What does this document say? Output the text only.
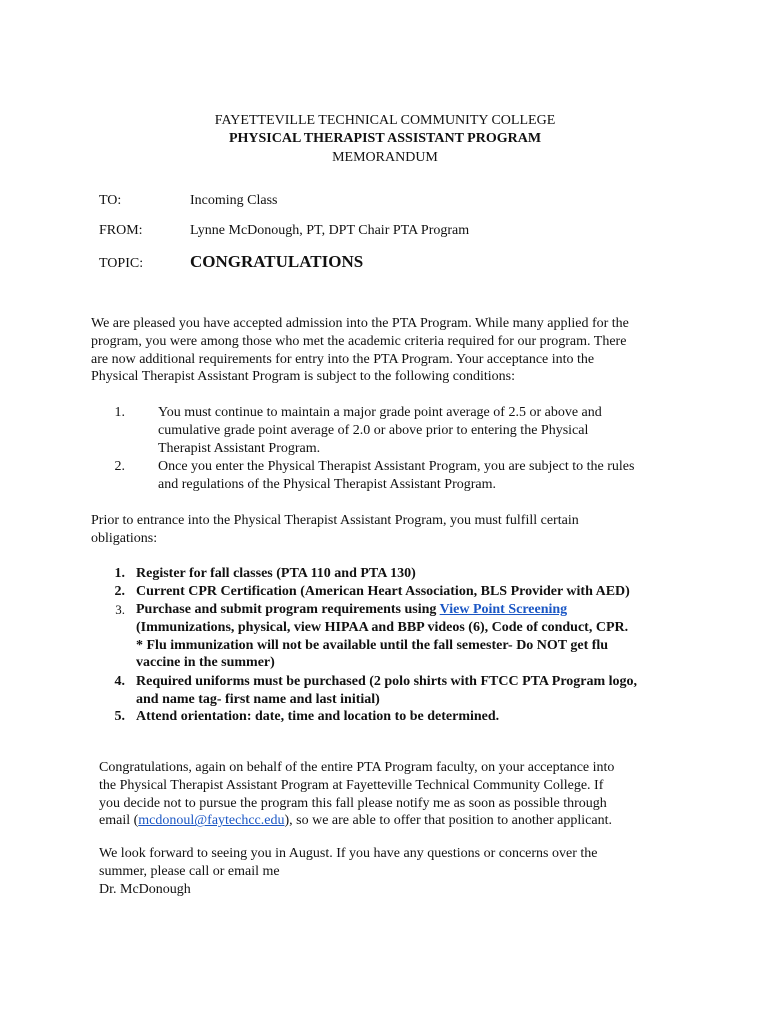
FAYETTEVILLE TECHNICAL COMMUNITY COLLEGE
PHYSICAL THERAPIST ASSISTANT PROGRAM
MEMORANDUM
TO:	Incoming Class
FROM:	Lynne McDonough, PT, DPT Chair PTA Program
TOPIC:	CONGRATULATIONS
We are pleased you have accepted admission into the PTA Program. While many applied for the
program, you were among those who met the academic criteria required for our program. There
are now additional requirements for entry into the PTA Program. Your acceptance into the
Physical Therapist Assistant Program is subject to the following conditions:
1. You must continue to maintain a major grade point average of 2.5 or above and
cumulative grade point average of 2.0 or above prior to entering the Physical
Therapist Assistant Program.
2. Once you enter the Physical Therapist Assistant Program, you are subject to the rules
and regulations of the Physical Therapist Assistant Program.
Prior to entrance into the Physical Therapist Assistant Program, you must fulfill certain
obligations:
1. Register for fall classes (PTA 110 and PTA 130)
2. Current CPR Certification (American Heart Association, BLS Provider with AED)
3. Purchase and submit program requirements using View Point Screening
(Immunizations, physical, view HIPAA and BBP videos (6), Code of conduct, CPR.
* Flu immunization will not be available until the fall semester- Do NOT get flu
vaccine in the summer)
4. Required uniforms must be purchased (2 polo shirts with FTCC PTA Program logo,
and name tag- first name and last initial)
5. Attend orientation: date, time and location to be determined.
Congratulations, again on behalf of the entire PTA Program faculty, on your acceptance into
the Physical Therapist Assistant Program at Fayetteville Technical Community College. If
you decide not to pursue the program this fall please notify me as soon as possible through
email (mcdonoul@faytechcc.edu), so we are able to offer that position to another applicant.
We look forward to seeing you in August. If you have any questions or concerns over the
summer, please call or email me
Dr. McDonough
